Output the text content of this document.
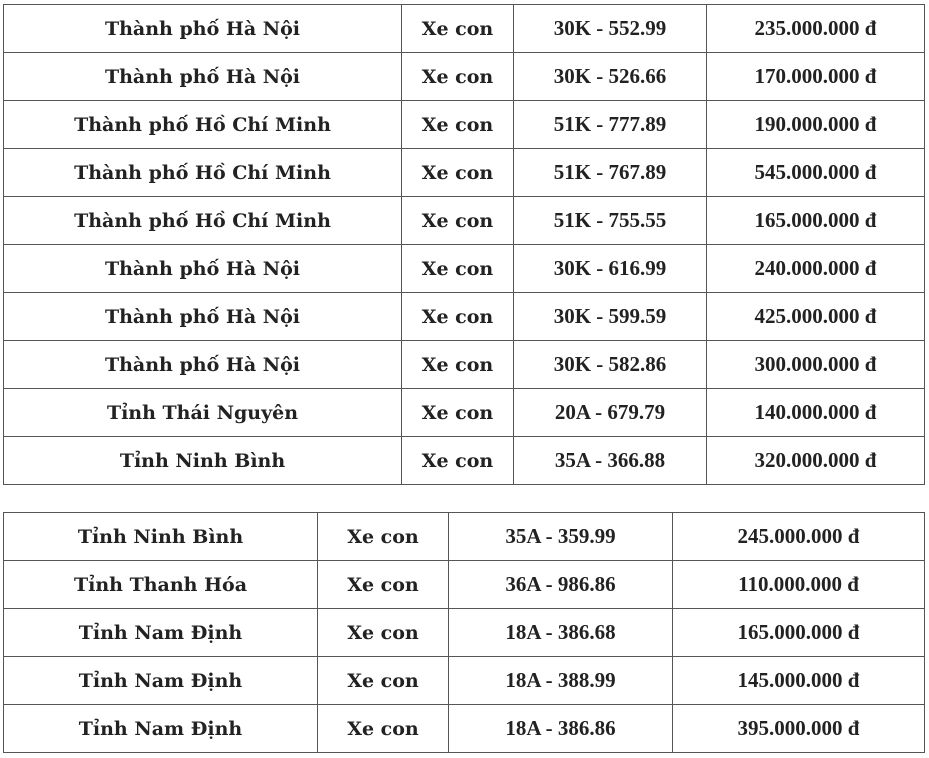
Thành phố Hà Nội	Xe con	30K - 552.99	235.000.000 đ
Thành phố Hà Nội	Xe con	30K - 526.66	170.000.000 đ
Thành phố Hồ Chí Minh	Xe con	51K - 777.89	190.000.000 đ
Thành phố Hồ Chí Minh	Xe con	51K - 767.89	545.000.000 đ
Thành phố Hồ Chí Minh	Xe con	51K - 755.55	165.000.000 đ
Thành phố Hà Nội	Xe con	30K - 616.99	240.000.000 đ
Thành phố Hà Nội	Xe con	30K - 599.59	425.000.000 đ
Thành phố Hà Nội	Xe con	30K - 582.86	300.000.000 đ
Tỉnh Thái Nguyên	Xe con	20A - 679.79	140.000.000 đ
Tỉnh Ninh Bình	Xe con	35A - 366.88	320.000.000 đ
Tỉnh Ninh Bình	Xe con	35A - 359.99	245.000.000 đ
Tỉnh Thanh Hóa	Xe con	36A - 986.86	110.000.000 đ
Tỉnh Nam Định	Xe con	18A - 386.68	165.000.000 đ
Tỉnh Nam Định	Xe con	18A - 388.99	145.000.000 đ
Tỉnh Nam Định	Xe con	18A - 386.86	395.000.000 đ
